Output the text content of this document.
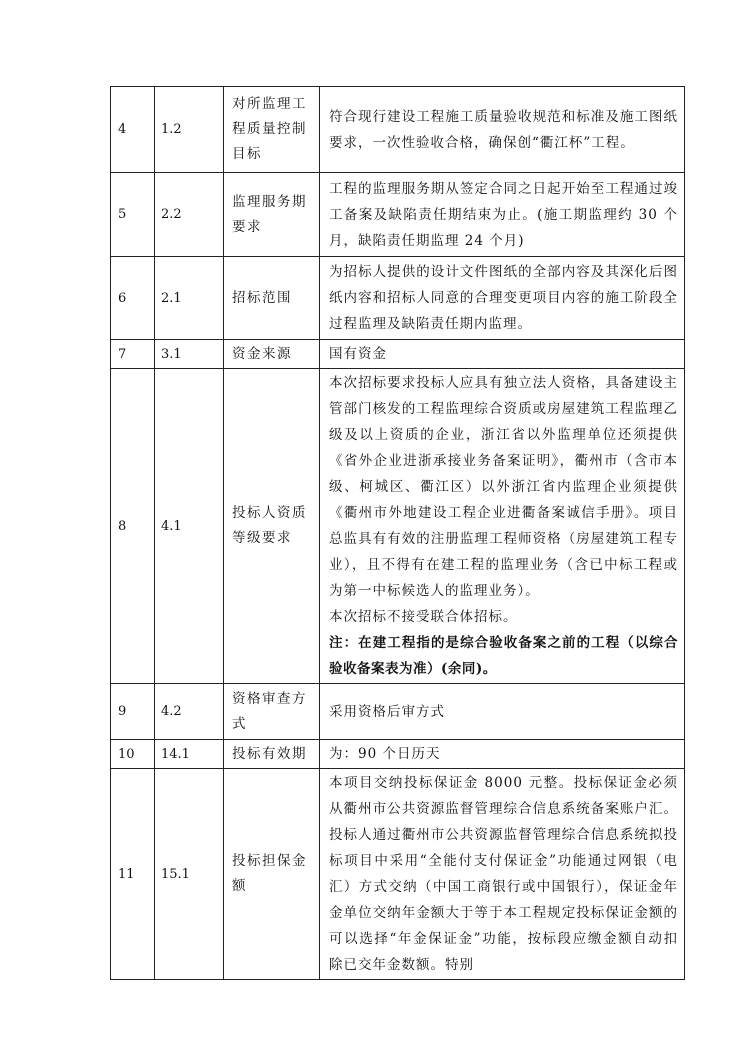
4	1.2	对所监理工程质量控制目标	符合现行建设工程施工质量验收规范和标准及施工图纸要求，一次性验收合格，确保创“衢江杯”工程。

5	2.2	监理服务期要求	工程的监理服务期从签定合同之日起开始至工程通过竣工备案及缺陷责任期结束为止。(施工期监理约 30 个月，缺陷责任期监理 24 个月)

6	2.1	招标范围	为招标人提供的设计文件图纸的全部内容及其深化后图纸内容和招标人同意的合理变更项目内容的施工阶段全过程监理及缺陷责任期内监理。

7	3.1	资金来源	国有资金

8	4.1	投标人资质等级要求	本次招标要求投标人应具有独立法人资格，具备建设主管部门核发的工程监理综合资质或房屋建筑工程监理乙级及以上资质的企业，浙江省以外监理单位还须提供《省外企业进浙承接业务备案证明》，衢州市（含市本级、柯城区、衢江区）以外浙江省内监理企业须提供《衢州市外地建设工程企业进衢备案诚信手册》。项目总监具有有效的注册监理工程师资格（房屋建筑工程专业），且不得有在建工程的监理业务（含已中标工程或为第一中标候选人的监理业务）。
本次招标不接受联合体招标。
注：在建工程指的是综合验收备案之前的工程（以综合验收备案表为准）(余同)。

9	4.2	资格审查方式	采用资格后审方式

10	14.1	投标有效期	为：90 个日历天

11	15.1	投标担保金额	本项目交纳投标保证金 8000 元整。投标保证金必须从衢州市公共资源监督管理综合信息系统备案账户汇。投标人通过衢州市公共资源监督管理综合信息系统拟投标项目中采用“全能付支付保证金”功能通过网银（电汇）方式交纳（中国工商银行或中国银行），保证金年金单位交纳年金额大于等于本工程规定投标保证金额的可以选择“年金保证金”功能，按标段应缴金额自动扣除已交年金数额。特别
